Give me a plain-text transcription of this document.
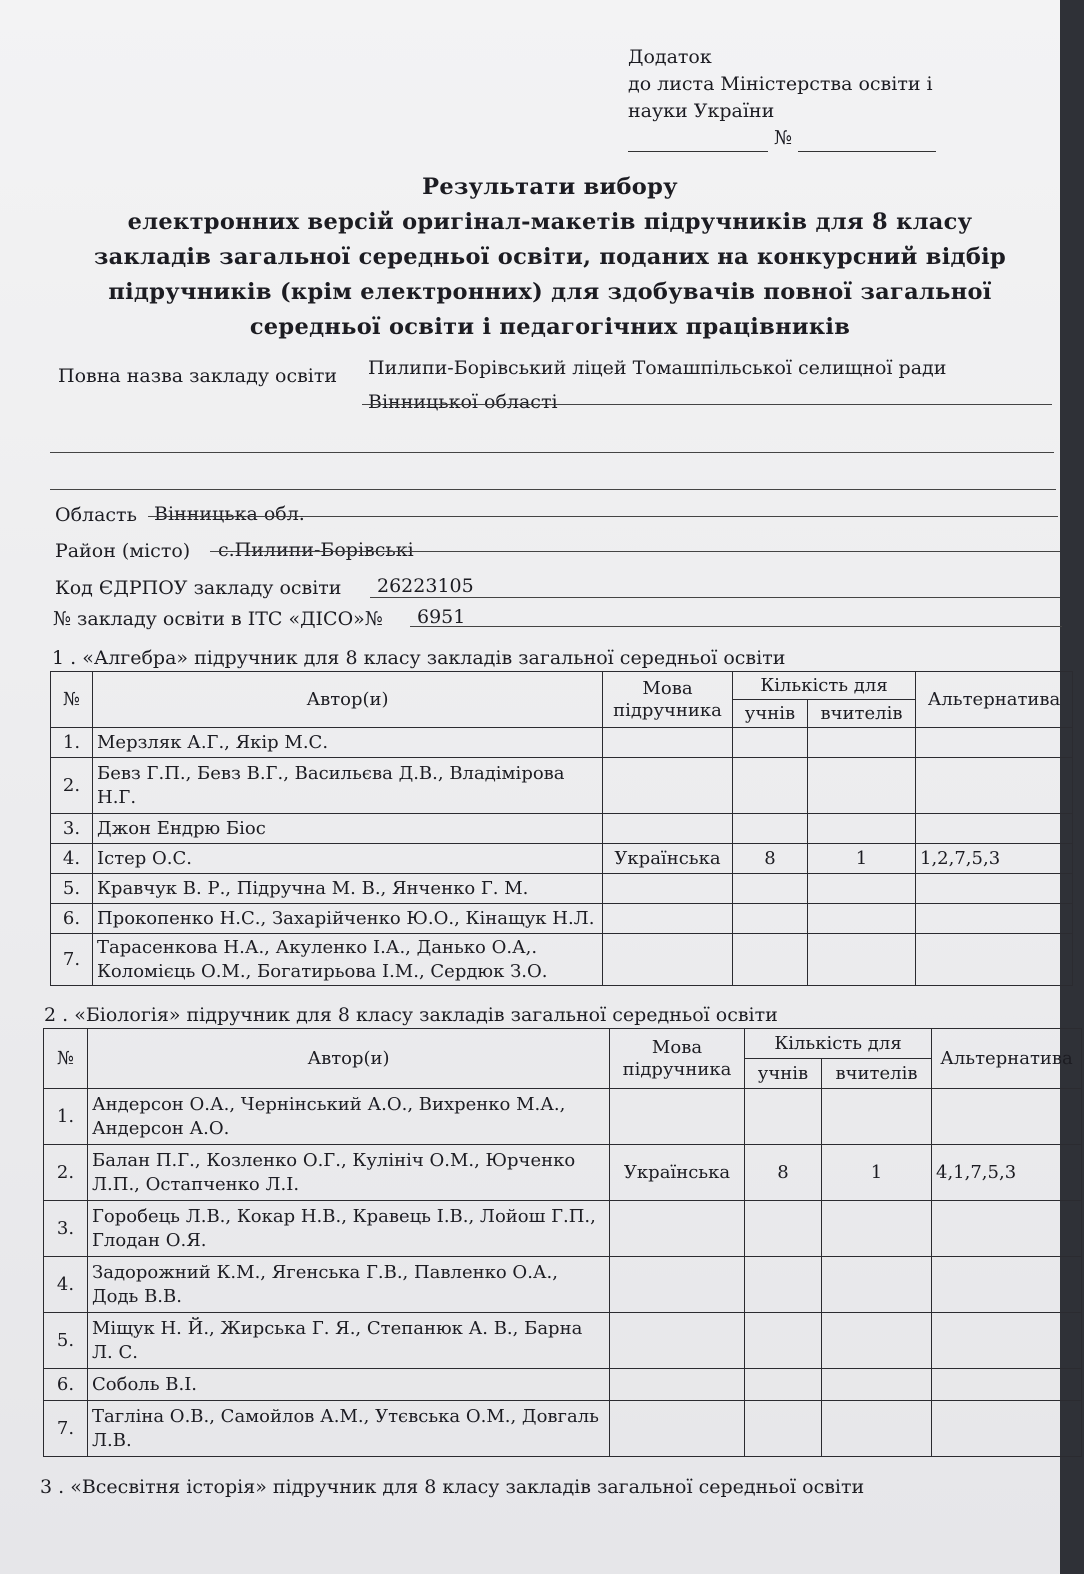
Додаток
до листа Міністерства освіти і
науки України
№
Результати вибору
електронних версій оригінал-макетів підручників для 8 класу
закладів загальної середньої освіти, поданих на конкурсний відбір
підручників (крім електронних) для здобувачів повної загальної
середньої освіти і педагогічних працівників
Повна назва закладу освіти Пилипи-Борівський ліцей Томашпільської селищної ради
Вінницької області
Область Вінницька обл.
Район (місто) с.Пилипи-Борівські
Код ЄДРПОУ закладу освіти 26223105
№ закладу освіти в ІТС «ДІСО»№ 6951
1 . «Алгебра» підручник для 8 класу закладів загальної середньої освіти
№	Автор(и)	Мова підручника	Кількість для		Альтернатива
			учнів	вчителів	
1.	Мерзляк А.Г., Якір М.С.				
2.	Бевз Г.П., Бевз В.Г., Васильєва Д.В., Владімірова Н.Г.				
3.	Джон Ендрю Біос				
4.	Істер О.С.	Українська	8	1	1,2,7,5,3
5.	Кравчук В. Р., Підручна М. В., Янченко Г. М.				
6.	Прокопенко Н.С., Захарійченко Ю.О., Кінащук Н.Л.				
7.	Тарасенкова Н.А., Акуленко І.А., Данько О.А,. Коломієць О.М., Богатирьова І.М., Сердюк З.О.				
2 . «Біологія» підручник для 8 класу закладів загальної середньої освіти
№	Автор(и)	Мова підручника	Кількість для		Альтернатива
			учнів	вчителів	
1.	Андерсон О.А., Чернінський А.О., Вихренко М.А., Андерсон А.О.				
2.	Балан П.Г., Козленко О.Г., Кулініч О.М., Юрченко Л.П., Остапченко Л.І.	Українська	8	1	4,1,7,5,3
3.	Горобець Л.В., Кокар Н.В., Кравець І.В., Лойош Г.П., Глодан О.Я.				
4.	Задорожний К.М., Ягенська Г.В., Павленко О.А., Додь В.В.				
5.	Міщук Н. Й., Жирська Г. Я., Степанюк А. В., Барна Л. С.				
6.	Соболь В.І.				
7.	Тагліна О.В., Самойлов А.М., Утєвська О.М., Довгаль Л.В.				
3 . «Всесвітня історія» підручник для 8 класу закладів загальної середньої освіти
